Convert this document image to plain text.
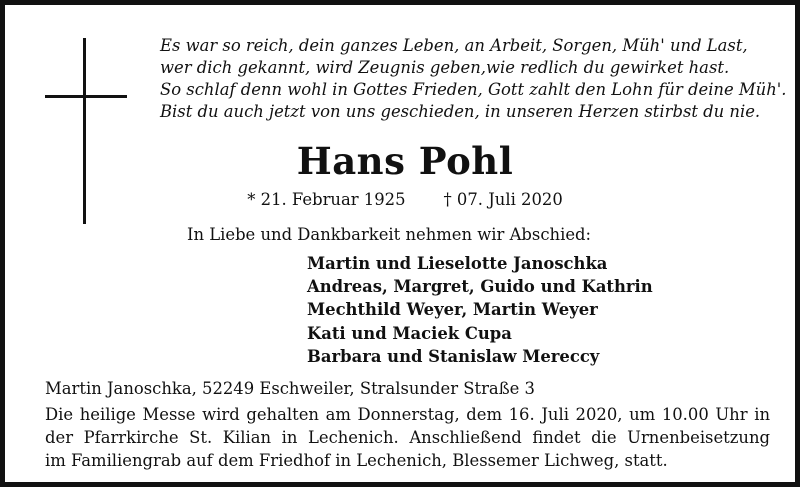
Es war so reich, dein ganzes Leben, an Arbeit, Sorgen, Müh' und Last,
wer dich gekannt, wird Zeugnis geben,wie redlich du gewirket hast.
So schlaf denn wohl in Gottes Frieden, Gott zahlt den Lohn für deine Müh'.
Bist du auch jetzt von uns geschieden, in unseren Herzen stirbst du nie.
Hans Pohl
* 21. Februar 1925 † 07. Juli 2020
In Liebe und Dankbarkeit nehmen wir Abschied:
Martin und Lieselotte Janoschka
Andreas, Margret, Guido und Kathrin
Mechthild Weyer, Martin Weyer
Kati und Maciek Cupa
Barbara und Stanislaw Mereccy
Martin Janoschka, 52249 Eschweiler, Stralsunder Straße 3
Die heilige Messe wird gehalten am Donnerstag, dem 16. Juli 2020, um 10.00 Uhr in
der Pfarrkirche St. Kilian in Lechenich. Anschließend findet die Urnenbeisetzung
im Familiengrab auf dem Friedhof in Lechenich, Blessemer Lichweg, statt.
